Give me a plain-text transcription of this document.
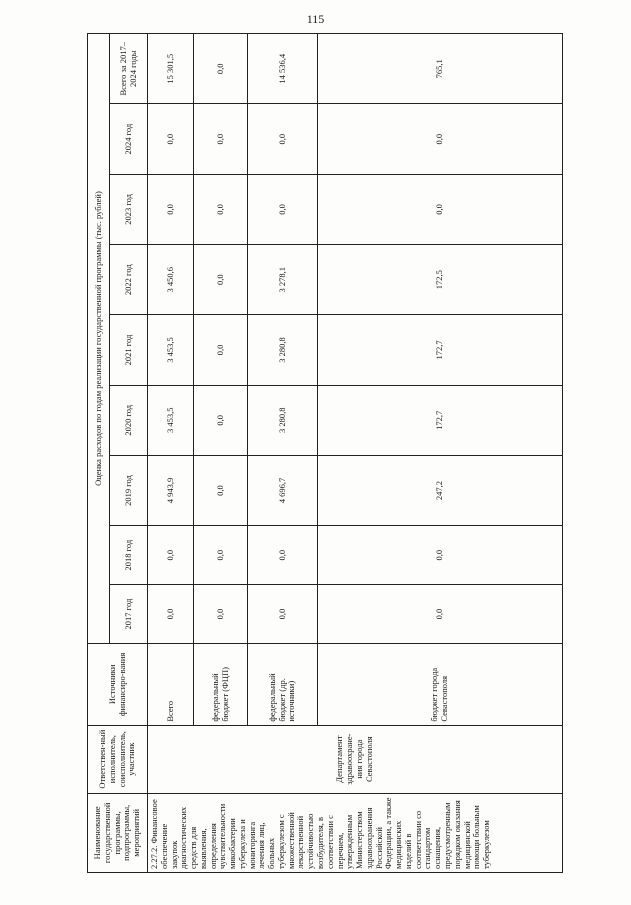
115
Наименование государственной программы, подпрограммы, мероприятий	Ответствен-ный исполнитель, соисполнитель, участник	Источники финансиро-вания	Оценка расходов по годам реализации государственной программы (тыс. рублей)								
			2017 год	2018 год	2019 год	2020 год	2021 год	2022 год	2023 год	2024 год	Всего за 2017–2024 годы
2.27.2. Финансовое обеспечение закупок диагностических средств для выявления, определения чувствительности микобактерии туберкулеза и мониторинга лечения лиц, больных туберкулезом с множественной лекарственной устойчивостью возбудителя, в соответствии с перечнем, утвержденным Министерством здравоохранения Российской Федерации, а также медицинских изделий в соответствии со стандартом оснащения, предусмотренным порядком оказания медицинской помощи больным туберкулезом	Департамент здравоохране-ния города Севастополя	Всего	0,0	0,0	4 943,9	3 453,5	3 453,5	3 450,6	0,0	0,0	15 301,5
		федеральный бюджет (ФЦП)	0,0	0,0	0,0	0,0	0,0	0,0	0,0	0,0	0,0
		федеральный бюджет (др. источники)	0,0	0,0	4 696,7	3 280,8	3 280,8	3 278,1	0,0	0,0	14 536,4
		бюджет города Севастополя	0,0	0,0	247,2	172,7	172,7	172,5	0,0	0,0	765,1
